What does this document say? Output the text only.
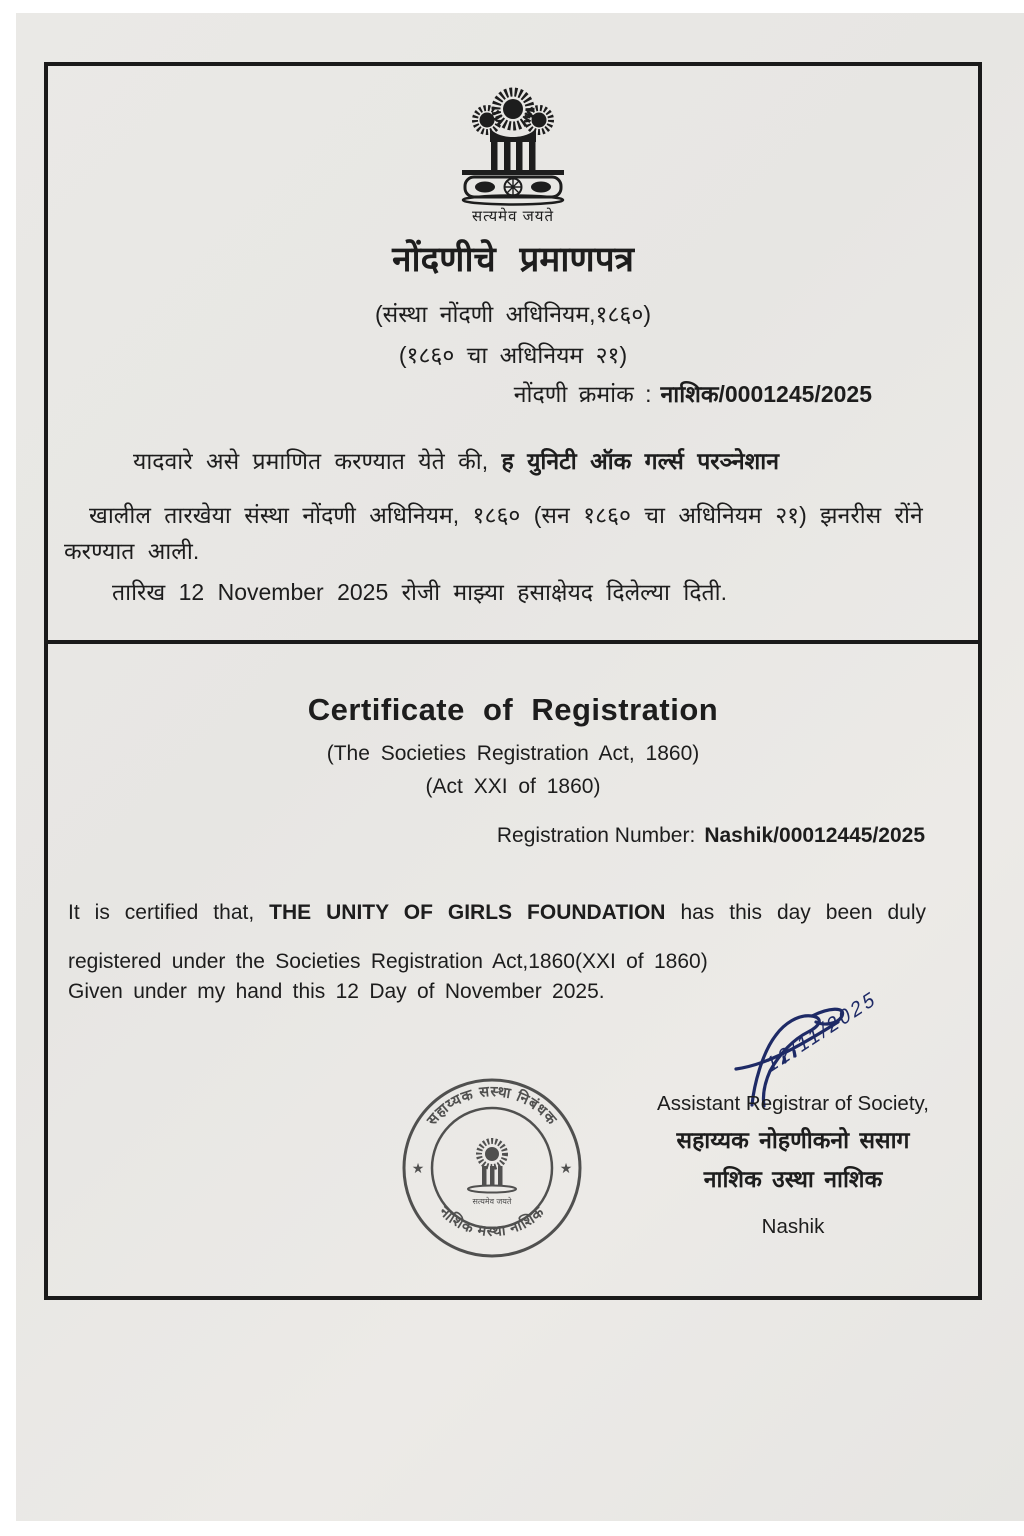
सत्यमेव जयते
नोंदणीचे प्रमाणपत्र
(संस्था नोंदणी अधिनियम,१८६०)
(१८६० चा अधिनियम २१)
नोंदणी क्रमांक : नाशिक/0001245/2025
यादवारे असे प्रमाणित करण्यात येते की, ह युनिटी ऑक गर्ल्स परञ्नेशान
खालील तारखेया संस्था नोंदणी अधिनियम, १८६० (सन १८६० चा अधिनियम २१) झनरीस रोंने
करण्यात आली.
तारिख 12 November 2025 रोजी माझ्या हसाक्षेयद दिलेल्या दिती.
Certificate of Registration
(The Societies Registration Act, 1860)
(Act XXI of 1860)
Registration Number: Nashik/00012445/2025
It is certified that, THE UNITY OF GIRLS FOUNDATION has this day been duly registered under the Societies Registration Act,1860(XXI of 1860)
Given under my hand this 12 Day of November 2025.	12/11/2025
Assistant Registrar of Society,
सहाय्यक नोहणीकनो ससाग
नाशिक उस्था नाशिक
Nashik
सहाय्यक सस्था निबंधक
नाशिक मस्था नाशिक
★	★
सत्यमेव जयते
